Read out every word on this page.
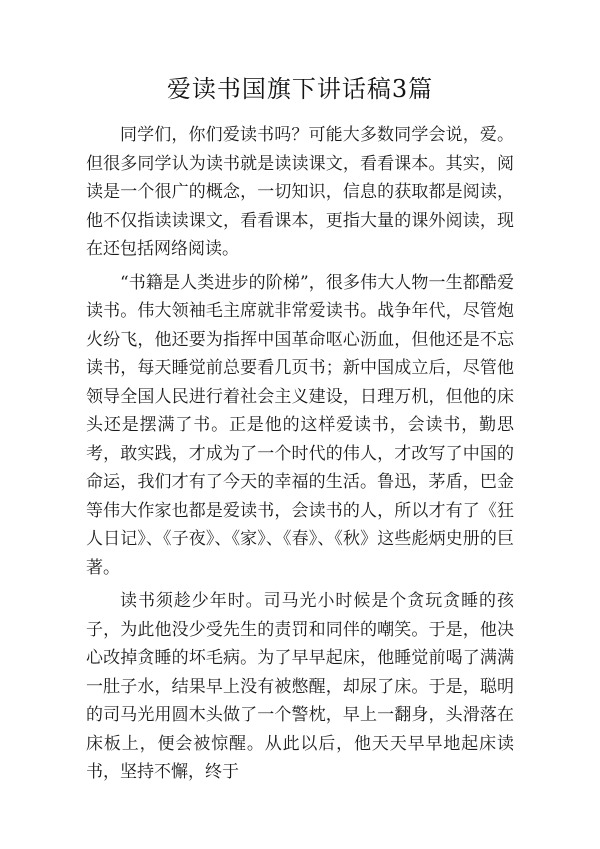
爱读书国旗下讲话稿3篇

同学们，你们爱读书吗？可能大多数同学会说，爱。但很多同学认为读书就是读读课文，看看课本。其实，阅读是一个很广的概念，一切知识，信息的获取都是阅读，他不仅指读读课文，看看课本，更指大量的课外阅读，现在还包括网络阅读。

“书籍是人类进步的阶梯”，很多伟大人物一生都酷爱读书。伟大领袖毛主席就非常爱读书。战争年代，尽管炮火纷飞，他还要为指挥中国革命呕心沥血，但他还是不忘读书，每天睡觉前总要看几页书；新中国成立后，尽管他领导全国人民进行着社会主义建设，日理万机，但他的床头还是摆满了书。正是他的这样爱读书，会读书，勤思考，敢实践，才成为了一个时代的伟人，才改写了中国的命运，我们才有了今天的幸福的生活。鲁迅，茅盾，巴金等伟大作家也都是爱读书，会读书的人，所以才有了《狂人日记》、《子夜》、《家》、《春》、《秋》这些彪炳史册的巨著。

读书须趁少年时。司马光小时候是个贪玩贪睡的孩子，为此他没少受先生的责罚和同伴的嘲笑。于是，他决心改掉贪睡的坏毛病。为了早早起床，他睡觉前喝了满满一肚子水，结果早上没有被憋醒，却尿了床。于是，聪明的司马光用圆木头做了一个警枕，早上一翻身，头滑落在床板上，便会被惊醒。从此以后，他天天早早地起床读书，坚持不懈，终于
